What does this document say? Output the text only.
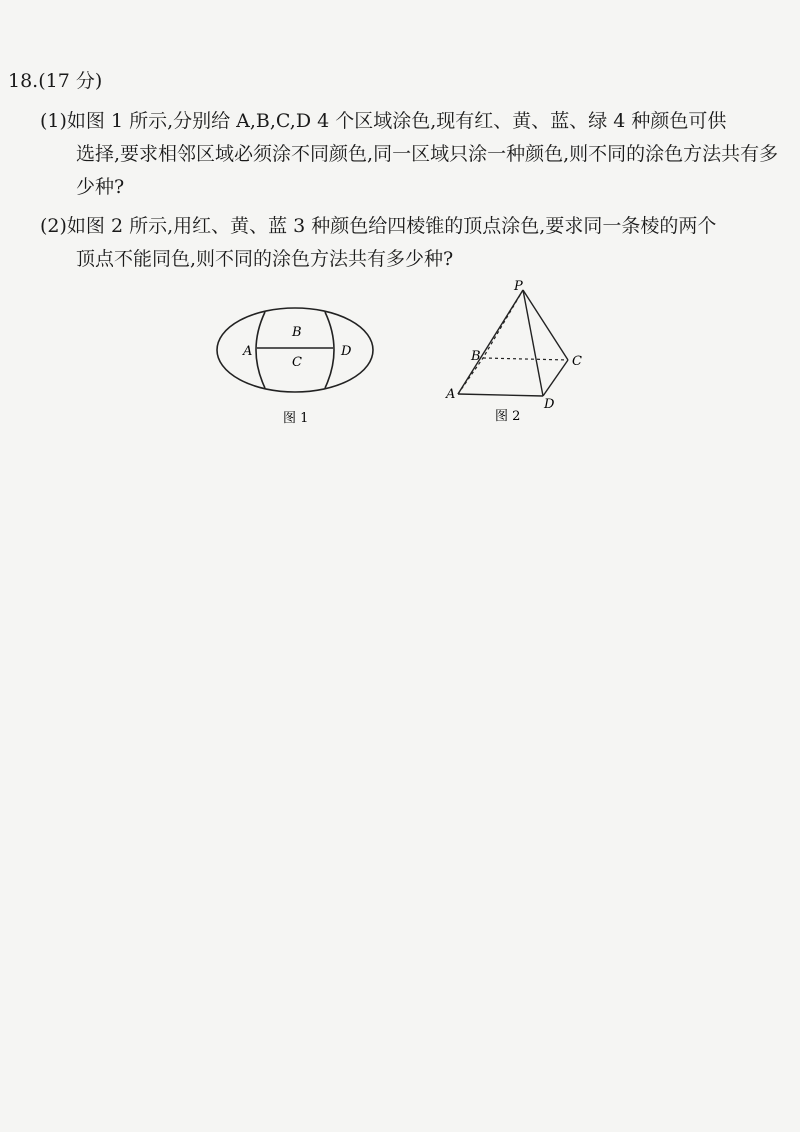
18.(17 分)
(1)如图 1 所示,分别给 A,B,C,D 4 个区域涂色,现有红、黄、蓝、绿 4 种颜色可供
选择,要求相邻区域必须涂不同颜色,同一区域只涂一种颜色,则不同的涂色方法共有多少种?
(2)如图 2 所示,用红、黄、蓝 3 种颜色给四棱锥的顶点涂色,要求同一条棱的两个
顶点不能同色,则不同的涂色方法共有多少种?
A
B
C
D
图 1
P
A
B	C
D
图 2
